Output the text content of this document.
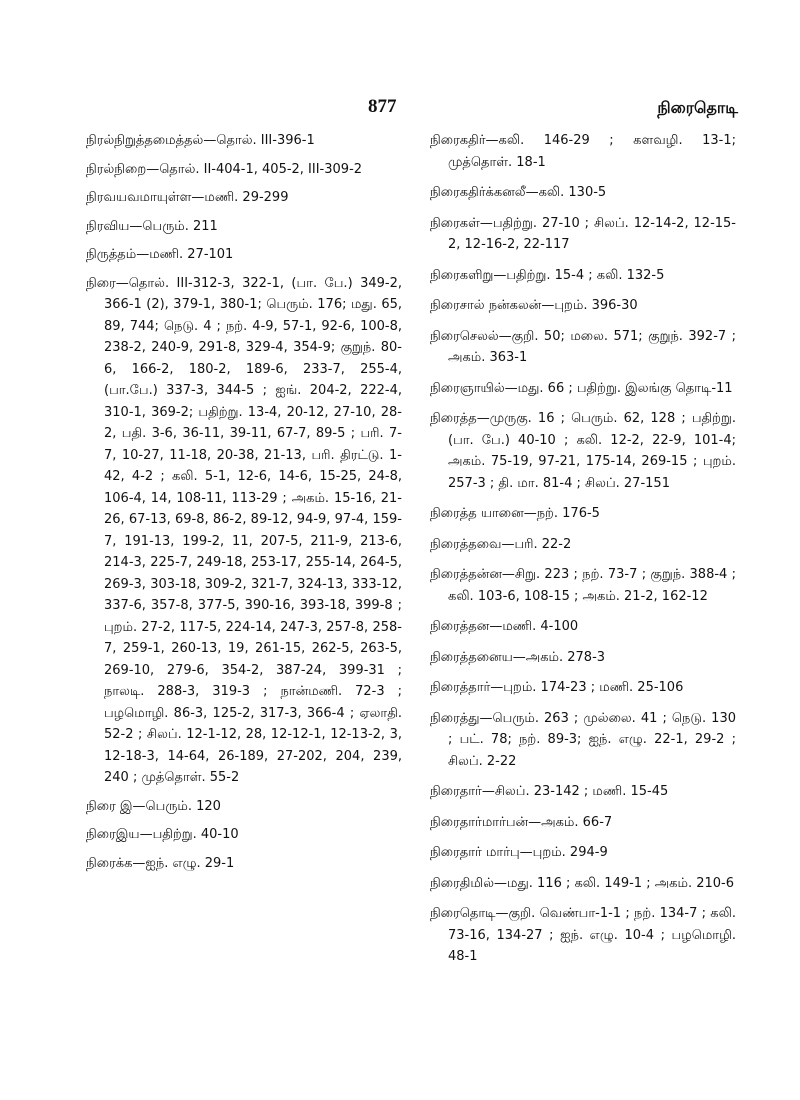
877	நிரைதொடி
நிரல்நிறுத்தமைத்தல்—தொல். III-396-1
நிரல்நிறை—தொல். II-404-1, 405-2, III-309-2
நிரவயவமாயுள்ள—மணி. 29-299
நிரவிய—பெரும். 211
நிருத்தம்—மணி. 27-101
நிரை—தொல். III-312-3, 322-1, (பா. பே.) 349-2, 366-1 (2), 379-1, 380-1; பெரும். 176; மது. 65, 89, 744; நெடு. 4 ; நற். 4-9, 57-1, 92-6, 100-8, 238-2, 240-9, 291-8, 329-4, 354-9; குறுந். 80-6, 166-2, 180-2, 189-6, 233-7, 255-4, (பா.பே.) 337-3, 344-5 ; ஐங். 204-2, 222-4, 310-1, 369-2; பதிற்று. 13-4, 20-12, 27-10, 28-2, பதி. 3-6, 36-11, 39-11, 67-7, 89-5 ; பரி. 7-7, 10-27, 11-18, 20-38, 21-13, பரி. திரட்டு. 1-42, 4-2 ; கலி. 5-1, 12-6, 14-6, 15-25, 24-8, 106-4, 14, 108-11, 113-29 ; அகம். 15-16, 21-26, 67-13, 69-8, 86-2, 89-12, 94-9, 97-4, 159-7, 191-13, 199-2, 11, 207-5, 211-9, 213-6, 214-3, 225-7, 249-18, 253-17, 255-14, 264-5, 269-3, 303-18, 309-2, 321-7, 324-13, 333-12, 337-6, 357-8, 377-5, 390-16, 393-18, 399-8 ; புறம். 27-2, 117-5, 224-14, 247-3, 257-8, 258-7, 259-1, 260-13, 19, 261-15, 262-5, 263-5, 269-10, 279-6, 354-2, 387-24, 399-31 ; நாலடி. 288-3, 319-3 ; நான்மணி. 72-3 ; பழமொழி. 86-3, 125-2, 317-3, 366-4 ; ஏலாதி. 52-2 ; சிலப். 12-1-12, 28, 12-12-1, 12-13-2, 3, 12-18-3, 14-64, 26-189, 27-202, 204, 239, 240 ; முத்தொள். 55-2
நிரை இ—பெரும். 120
நிரைஇய—பதிற்று. 40-10
நிரைக்க—ஐந். எழு. 29-1
நிரைகதிர்—கலி. 146-29 ; களவழி. 13-1; முத்தொள். 18-1
நிரைகதிர்க்கனலீ—கலி. 130-5
நிரைகள்—பதிற்று. 27-10 ; சிலப். 12-14-2, 12-15-2, 12-16-2, 22-117
நிரைகளிறு—பதிற்று. 15-4 ; கலி. 132-5
நிரைசால் நன்கலன்—புறம். 396-30
நிரைசெலல்—குறி. 50; மலை. 571; குறுந். 392-7 ; அகம். 363-1
நிரைஞாயில்—மது. 66 ; பதிற்று. இலங்கு தொடி-11
நிரைத்த—முருகு. 16 ; பெரும். 62, 128 ; பதிற்று. (பா. பே.) 40-10 ; கலி. 12-2, 22-9, 101-4; அகம். 75-19, 97-21, 175-14, 269-15 ; புறம். 257-3 ; தி. மா. 81-4 ; சிலப். 27-151
நிரைத்த யானை—நற். 176-5
நிரைத்தவை—பரி. 22-2
நிரைத்தன்ன—சிறு. 223 ; நற். 73-7 ; குறுந். 388-4 ; கலி. 103-6, 108-15 ; அகம். 21-2, 162-12
நிரைத்தன—மணி. 4-100
நிரைத்தனைய—அகம். 278-3
நிரைத்தார்—புறம். 174-23 ; மணி. 25-106
நிரைத்து—பெரும். 263 ; முல்லை. 41 ; நெடு. 130 ; பட். 78; நற். 89-3; ஐந். எழு. 22-1, 29-2 ; சிலப். 2-22
நிரைதார்—சிலப். 23-142 ; மணி. 15-45
நிரைதார்மார்பன்—அகம். 66-7
நிரைதார் மார்பு—புறம். 294-9
நிரைதிமில்—மது. 116 ; கலி. 149-1 ; அகம். 210-6
நிரைதொடி—குறி. வெண்பா-1-1 ; நற். 134-7 ; கலி. 73-16, 134-27 ; ஐந். எழு. 10-4 ; பழமொழி. 48-1
